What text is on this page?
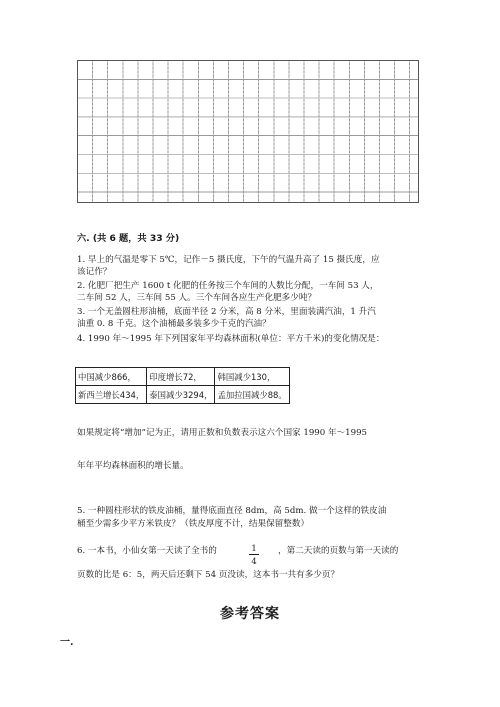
六. (共 6 题，共 33 分)
1. 早上的气温是零下 5℃，记作－5 摄氏度，下午的气温升高了 15 摄氏度，应
该记作？
2. 化肥厂把生产 1600 t 化肥的任务按三个车间的人数比分配，一车间 53 人，
二车间 52 人，三车间 55 人。三个车间各应生产化肥多少吨？
3. 一个无盖圆柱形油桶，底面半径 2 分米，高 8 分米，里面装满汽油，1 升汽
油重 0. 8 千克。这个油桶最多装多少千克的汽油？
4. 1990 年～1995 年下列国家年平均森林面积(单位：平方千米)的变化情况是：
中国减少866，	印度增长72，	韩国减少130，
新西兰增长434，	泰国减少3294，	孟加拉国减少88。
如果规定将“增加”记为正，请用正数和负数表示这六个国家 1990 年～1995
年年平均森林面积的增长量。
5. 一种圆柱形状的铁皮油桶，量得底面直径 8dm，高 5dm. 做一个这样的铁皮油
桶至少需多少平方米铁皮？（铁皮厚度不计，结果保留整数）
6. 一本书，小仙女第一天读了全书的	1
4
，第二天读的页数与第一天读的
页数的比是 6：5，两天后还剩下 54 页没读，这本书一共有多少页？
参考答案
一.
